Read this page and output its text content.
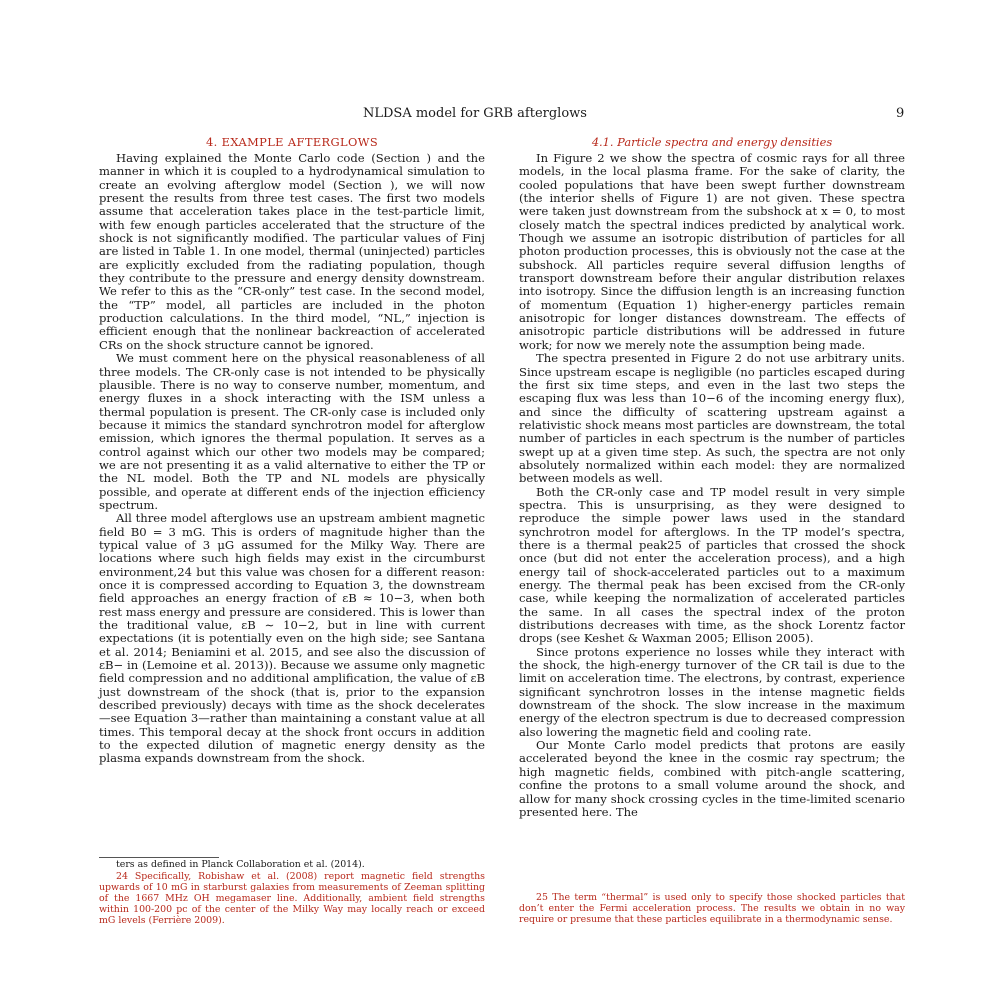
NLDSA model for GRB afterglows	9
4. EXAMPLE AFTERGLOWS

Having explained the Monte Carlo code (Section ) and the manner in which it is coupled to a hydrodynamical simulation to create an evolving afterglow model (Section ), we will now present the results from three test cases. The first two models assume that acceleration takes place in the test-particle limit, with few enough particles accelerated that the structure of the shock is not significantly modified. The particular values of Finj are listed in Table 1. In one model, thermal (uninjected) particles are explicitly excluded from the radiating population, though they contribute to the pressure and energy density downstream. We refer to this as the “CR-only” test case. In the second model, the “TP” model, all particles are included in the photon production calculations. In the third model, “NL,” injection is efficient enough that the nonlinear backreaction of accelerated CRs on the shock structure cannot be ignored.

We must comment here on the physical reasonableness of all three models. The CR-only case is not intended to be physically plausible. There is no way to conserve number, momentum, and energy fluxes in a shock interacting with the ISM unless a thermal population is present. The CR-only case is included only because it mimics the standard synchrotron model for afterglow emission, which ignores the thermal population. It serves as a control against which our other two models may be compared; we are not presenting it as a valid alternative to either the TP or the NL model. Both the TP and NL models are physically possible, and operate at different ends of the injection efficiency spectrum.

All three model afterglows use an upstream ambient magnetic field B0 = 3 mG. This is orders of magnitude higher than the typical value of 3 μG assumed for the Milky Way. There are locations where such high fields may exist in the circumburst environment,24 but this value was chosen for a different reason: once it is compressed according to Equation 3, the downstream field approaches an energy fraction of εB ≈ 10−3, when both rest mass energy and pressure are considered. This is lower than the traditional value, εB ∼ 10−2, but in line with current expectations (it is potentially even on the high side; see Santana et al. 2014; Beniamini et al. 2015, and see also the discussion of εB− in (Lemoine et al. 2013)). Because we assume only magnetic field compression and no additional amplification, the value of εB just downstream of the shock (that is, prior to the expansion described previously) decays with time as the shock decelerates—see Equation 3—rather than maintaining a constant value at all times. This temporal decay at the shock front occurs in addition to the expected dilution of magnetic energy density as the plasma expands downstream from the shock.

4.1. Particle spectra and energy densities

In Figure 2 we show the spectra of cosmic rays for all three models, in the local plasma frame. For the sake of clarity, the cooled populations that have been swept further downstream (the interior shells of Figure 1) are not given. These spectra were taken just downstream from the subshock at x = 0, to most closely match the spectral indices predicted by analytical work. Though we assume an isotropic distribution of particles for all photon production processes, this is obviously not the case at the subshock. All particles require several diffusion lengths of transport downstream before their angular distribution relaxes into isotropy. Since the diffusion length is an increasing function of momentum (Equation 1) higher-energy particles remain anisotropic for longer distances downstream. The effects of anisotropic particle distributions will be addressed in future work; for now we merely note the assumption being made.

The spectra presented in Figure 2 do not use arbitrary units. Since upstream escape is negligible (no particles escaped during the first six time steps, and even in the last two steps the escaping flux was less than 10−6 of the incoming energy flux), and since the difficulty of scattering upstream against a relativistic shock means most particles are downstream, the total number of particles in each spectrum is the number of particles swept up at a given time step. As such, the spectra are not only absolutely normalized within each model: they are normalized between models as well.

Both the CR-only case and TP model result in very simple spectra. This is unsurprising, as they were designed to reproduce the simple power laws used in the standard synchrotron model for afterglows. In the TP model’s spectra, there is a thermal peak25 of particles that crossed the shock once (but did not enter the acceleration process), and a high energy tail of shock-accelerated particles out to a maximum energy. The thermal peak has been excised from the CR-only case, while keeping the normalization of accelerated particles the same. In all cases the spectral index of the proton distributions decreases with time, as the shock Lorentz factor drops (see Keshet & Waxman 2005; Ellison 2005).

Since protons experience no losses while they interact with the shock, the high-energy turnover of the CR tail is due to the limit on acceleration time. The electrons, by contrast, experience significant synchrotron losses in the intense magnetic fields downstream of the shock. The slow increase in the maximum energy of the electron spectrum is due to decreased compression also lowering the magnetic field and cooling rate.

Our Monte Carlo model predicts that protons are easily accelerated beyond the knee in the cosmic ray spectrum; the high magnetic fields, combined with pitch-angle scattering, confine the protons to a small volume around the shock, and allow for many shock crossing cycles in the time-limited scenario presented here. The

ters as defined in Planck Collaboration et al. (2014).

24 Specifically, Robishaw et al. (2008) report magnetic field strengths upwards of 10 mG in starburst galaxies from measurements of Zeeman splitting of the 1667 MHz OH megamaser line. Additionally, ambient field strengths within 100-200 pc of the center of the Milky Way may locally reach or exceed mG levels (Ferrière 2009).

25 The term “thermal” is used only to specify those shocked particles that don’t enter the Fermi acceleration process. The results we obtain in no way require or presume that these particles equilibrate in a thermodynamic sense.
